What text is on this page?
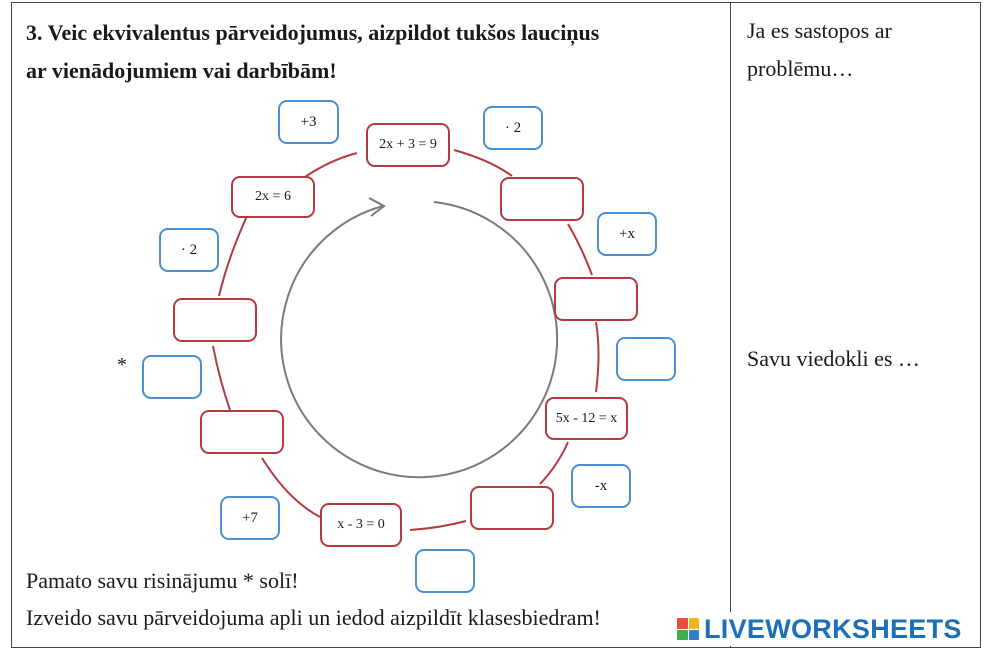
3. Veic ekvivalentus pārveidojumus, aizpildot tukšos lauciņus
ar vienādojumiem vai darbībām!
Ja es sastopos ar
problēmu…
Savu viedokli es …
2x + 3 = 9
2x = 6
5x - 12 = x
x - 3 = 0
+3	· 2
· 2
+x
-x
+7
*
Pamato savu risinājumu * solī!
Izveido savu pārveidojuma apli un iedod aizpildīt klasesbiedram!	LIVEWORKSHEETS
